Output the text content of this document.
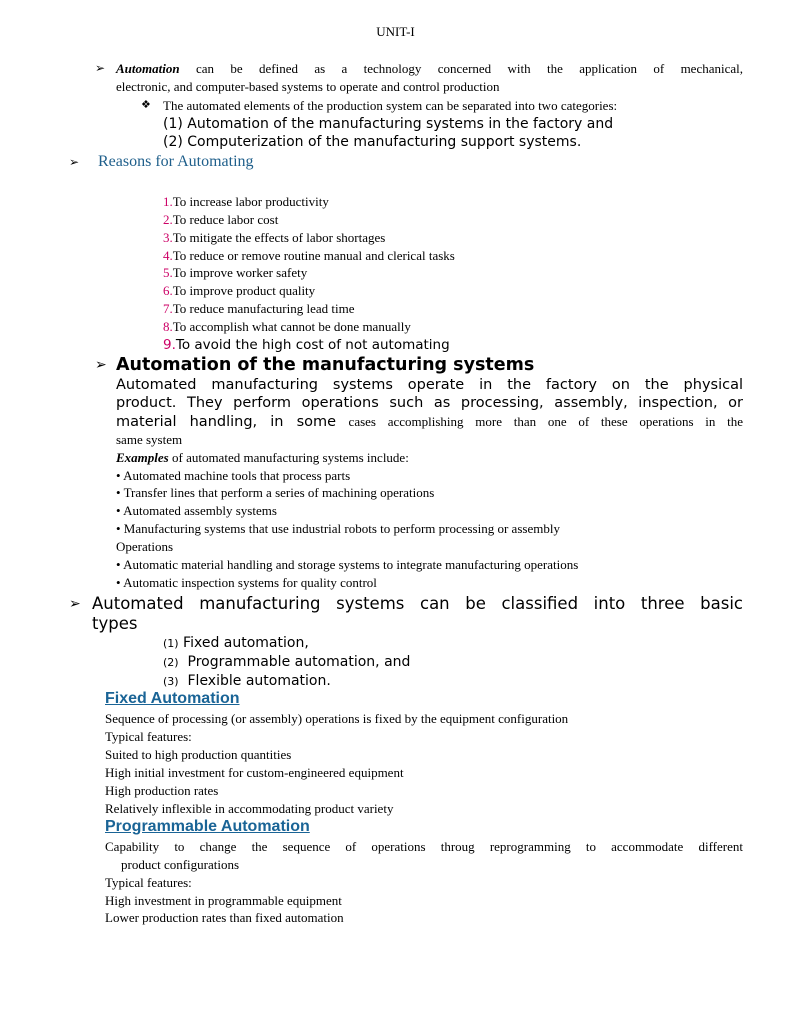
UNIT-I
➢ Automation can be defined as a technology concerned with the application of mechanical,
electronic, and computer-based systems to operate and control production
❖ The automated elements of the production system can be separated into two categories:
(1) Automation of the manufacturing systems in the factory and
(2) Computerization of the manufacturing support systems.
➢ Reasons for Automating
1.To increase labor productivity
2.To reduce labor cost
3.To mitigate the effects of labor shortages
4.To reduce or remove routine manual and clerical tasks
5.To improve worker safety
6.To improve product quality
7.To reduce manufacturing lead time
8.To accomplish what cannot be done manually
9.To avoid the high cost of not automating
➢ Automation of the manufacturing systems
Automated manufacturing systems operate in the factory on the physical
product. They perform operations such as processing, assembly, inspection, or
material handling, in some cases accomplishing more than one of these operations in the
same system
Examples of automated manufacturing systems include:
• Automated machine tools that process parts
• Transfer lines that perform a series of machining operations
• Automated assembly systems
• Manufacturing systems that use industrial robots to perform processing or assembly
Operations
• Automatic material handling and storage systems to integrate manufacturing operations
• Automatic inspection systems for quality control
➢ Automated manufacturing systems can be classified into three basic
types
(1) Fixed automation,
(2) Programmable automation, and
(3) Flexible automation.
Fixed Automation
Sequence of processing (or assembly) operations is fixed by the equipment configuration
Typical features:
Suited to high production quantities
High initial investment for custom-engineered equipment
High production rates
Relatively inflexible in accommodating product variety
Programmable Automation
Capability to change the sequence of operations throug reprogramming to accommodate different
product configurations
Typical features:
High investment in programmable equipment
Lower production rates than fixed automation
